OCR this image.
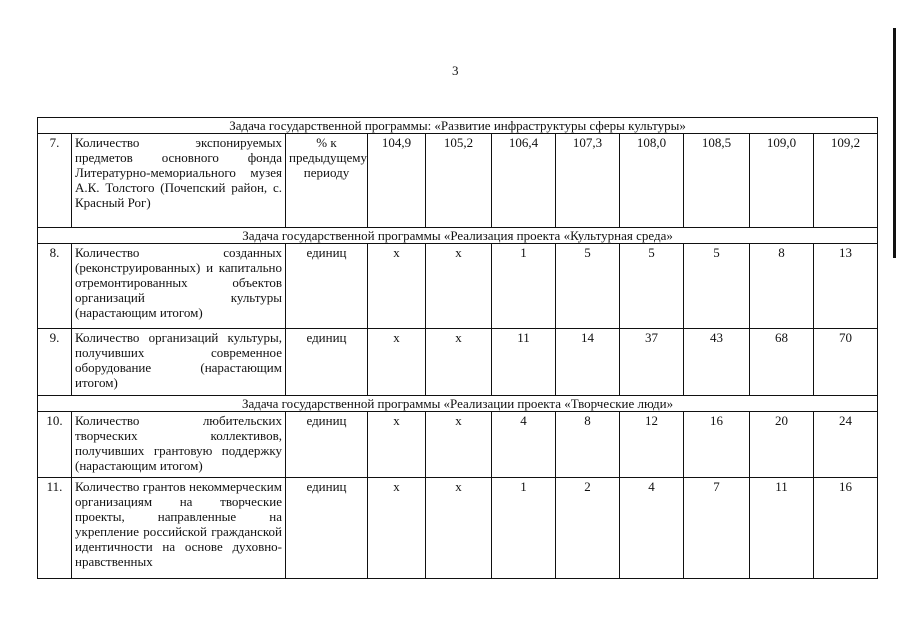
3
Задача государственной программы: «Развитие инфраструктуры сферы культуры»										
7.	Количество экспонируемых предметов основного фонда Литературно-мемориального музея А.К. Толстого (Почепский район, с. Красный Рог)	% к предыдущему периоду	104,9	105,2	106,4	107,3	108,0	108,5	109,0	109,2
Задача государственной программы «Реализация проекта «Культурная среда»										
8.	Количество созданных (реконструированных) и капитально отремонтированных объектов организаций культуры (нарастающим итогом)	единиц	х	х	1	5	5	5	8	13
9.	Количество организаций культуры, получивших современное оборудование (нарастающим итогом)	единиц	х	х	11	14	37	43	68	70
Задача государственной программы «Реализации проекта «Творческие люди»										
10.	Количество любительских творческих коллективов, получивших грантовую поддержку (нарастающим итогом)	единиц	х	х	4	8	12	16	20	24
11.	Количество грантов некоммерческим организациям на творческие проекты, направленные на укрепление российской гражданской идентичности на основе духовно-нравственных	единиц	х	х	1	2	4	7	11	16
